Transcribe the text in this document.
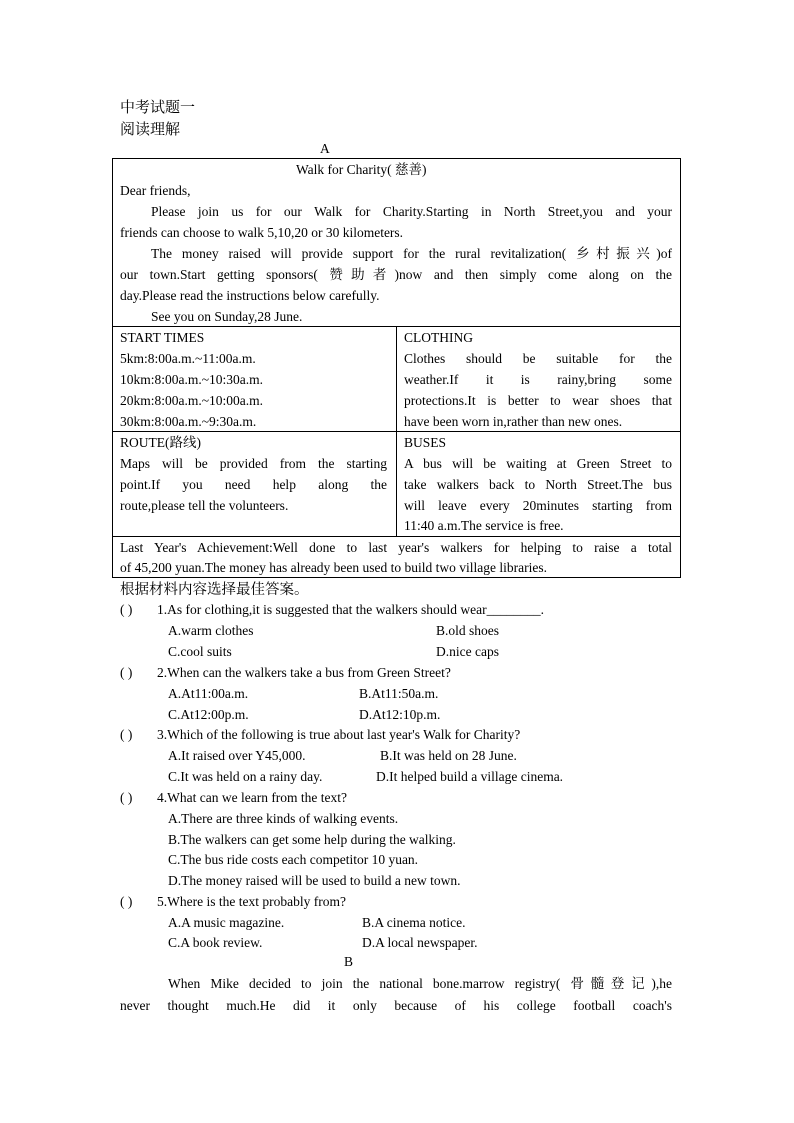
中考试题一
阅读理解
A
Walk for Charity( 慈善)
Dear friends,
Please join us for our Walk for Charity.Starting in North Street,you and your
friends can choose to walk 5,10,20 or 30 kilometers.
The money raised will provide support for the rural revitalization( 乡村振兴)of
our town.Start getting sponsors( 赞助者)now and then simply come along on the
day.Please read the instructions below carefully.
See you on Sunday,28 June.
START TIMES
5km:8:00a.m.~11:00a.m.
10km:8:00a.m.~10:30a.m.
20km:8:00a.m.~10:00a.m.
30km:8:00a.m.~9:30a.m.
CLOTHING
Clothes should be suitable for the
weather.If it is rainy,bring some
protections.It is better to wear shoes that
have been worn in,rather than new ones.
ROUTE(路线)
Maps will be provided from the starting
point.If you need help along the
route,please tell the volunteers.
BUSES
A bus will be waiting at Green Street to
take walkers back to North Street.The bus
will leave every 20minutes starting from
11:40 a.m.The service is free.
Last Year's Achievement:Well done to last year's walkers for helping to raise a total
of 45,200 yuan.The money has already been used to build two village libraries.
根据材料内容选择最佳答案。
( ) 1.As for clothing,it is suggested that the walkers should wear________.
A.warm clothes	B.old shoes
C.cool suits	D.nice caps
( ) 2.When can the walkers take a bus from Green Street?
A.At11:00a.m.	B.At11:50a.m.
C.At12:00p.m.	D.At12:10p.m.
( ) 3.Which of the following is true about last year's Walk for Charity?
A.It raised over Y45,000.	B.It was held on 28 June.
C.It was held on a rainy day.	D.It helped build a village cinema.
( ) 4.What can we learn from the text?
A.There are three kinds of walking events.
B.The walkers can get some help during the walking.
C.The bus ride costs each competitor 10 yuan.
D.The money raised will be used to build a new town.
( ) 5.Where is the text probably from?
A.A music magazine.	B.A cinema notice.
C.A book review.	D.A local newspaper.
B
When Mike decided to join the national bone.marrow registry( 骨髓登记),he
never thought much.He did it only because of his college football coach's
